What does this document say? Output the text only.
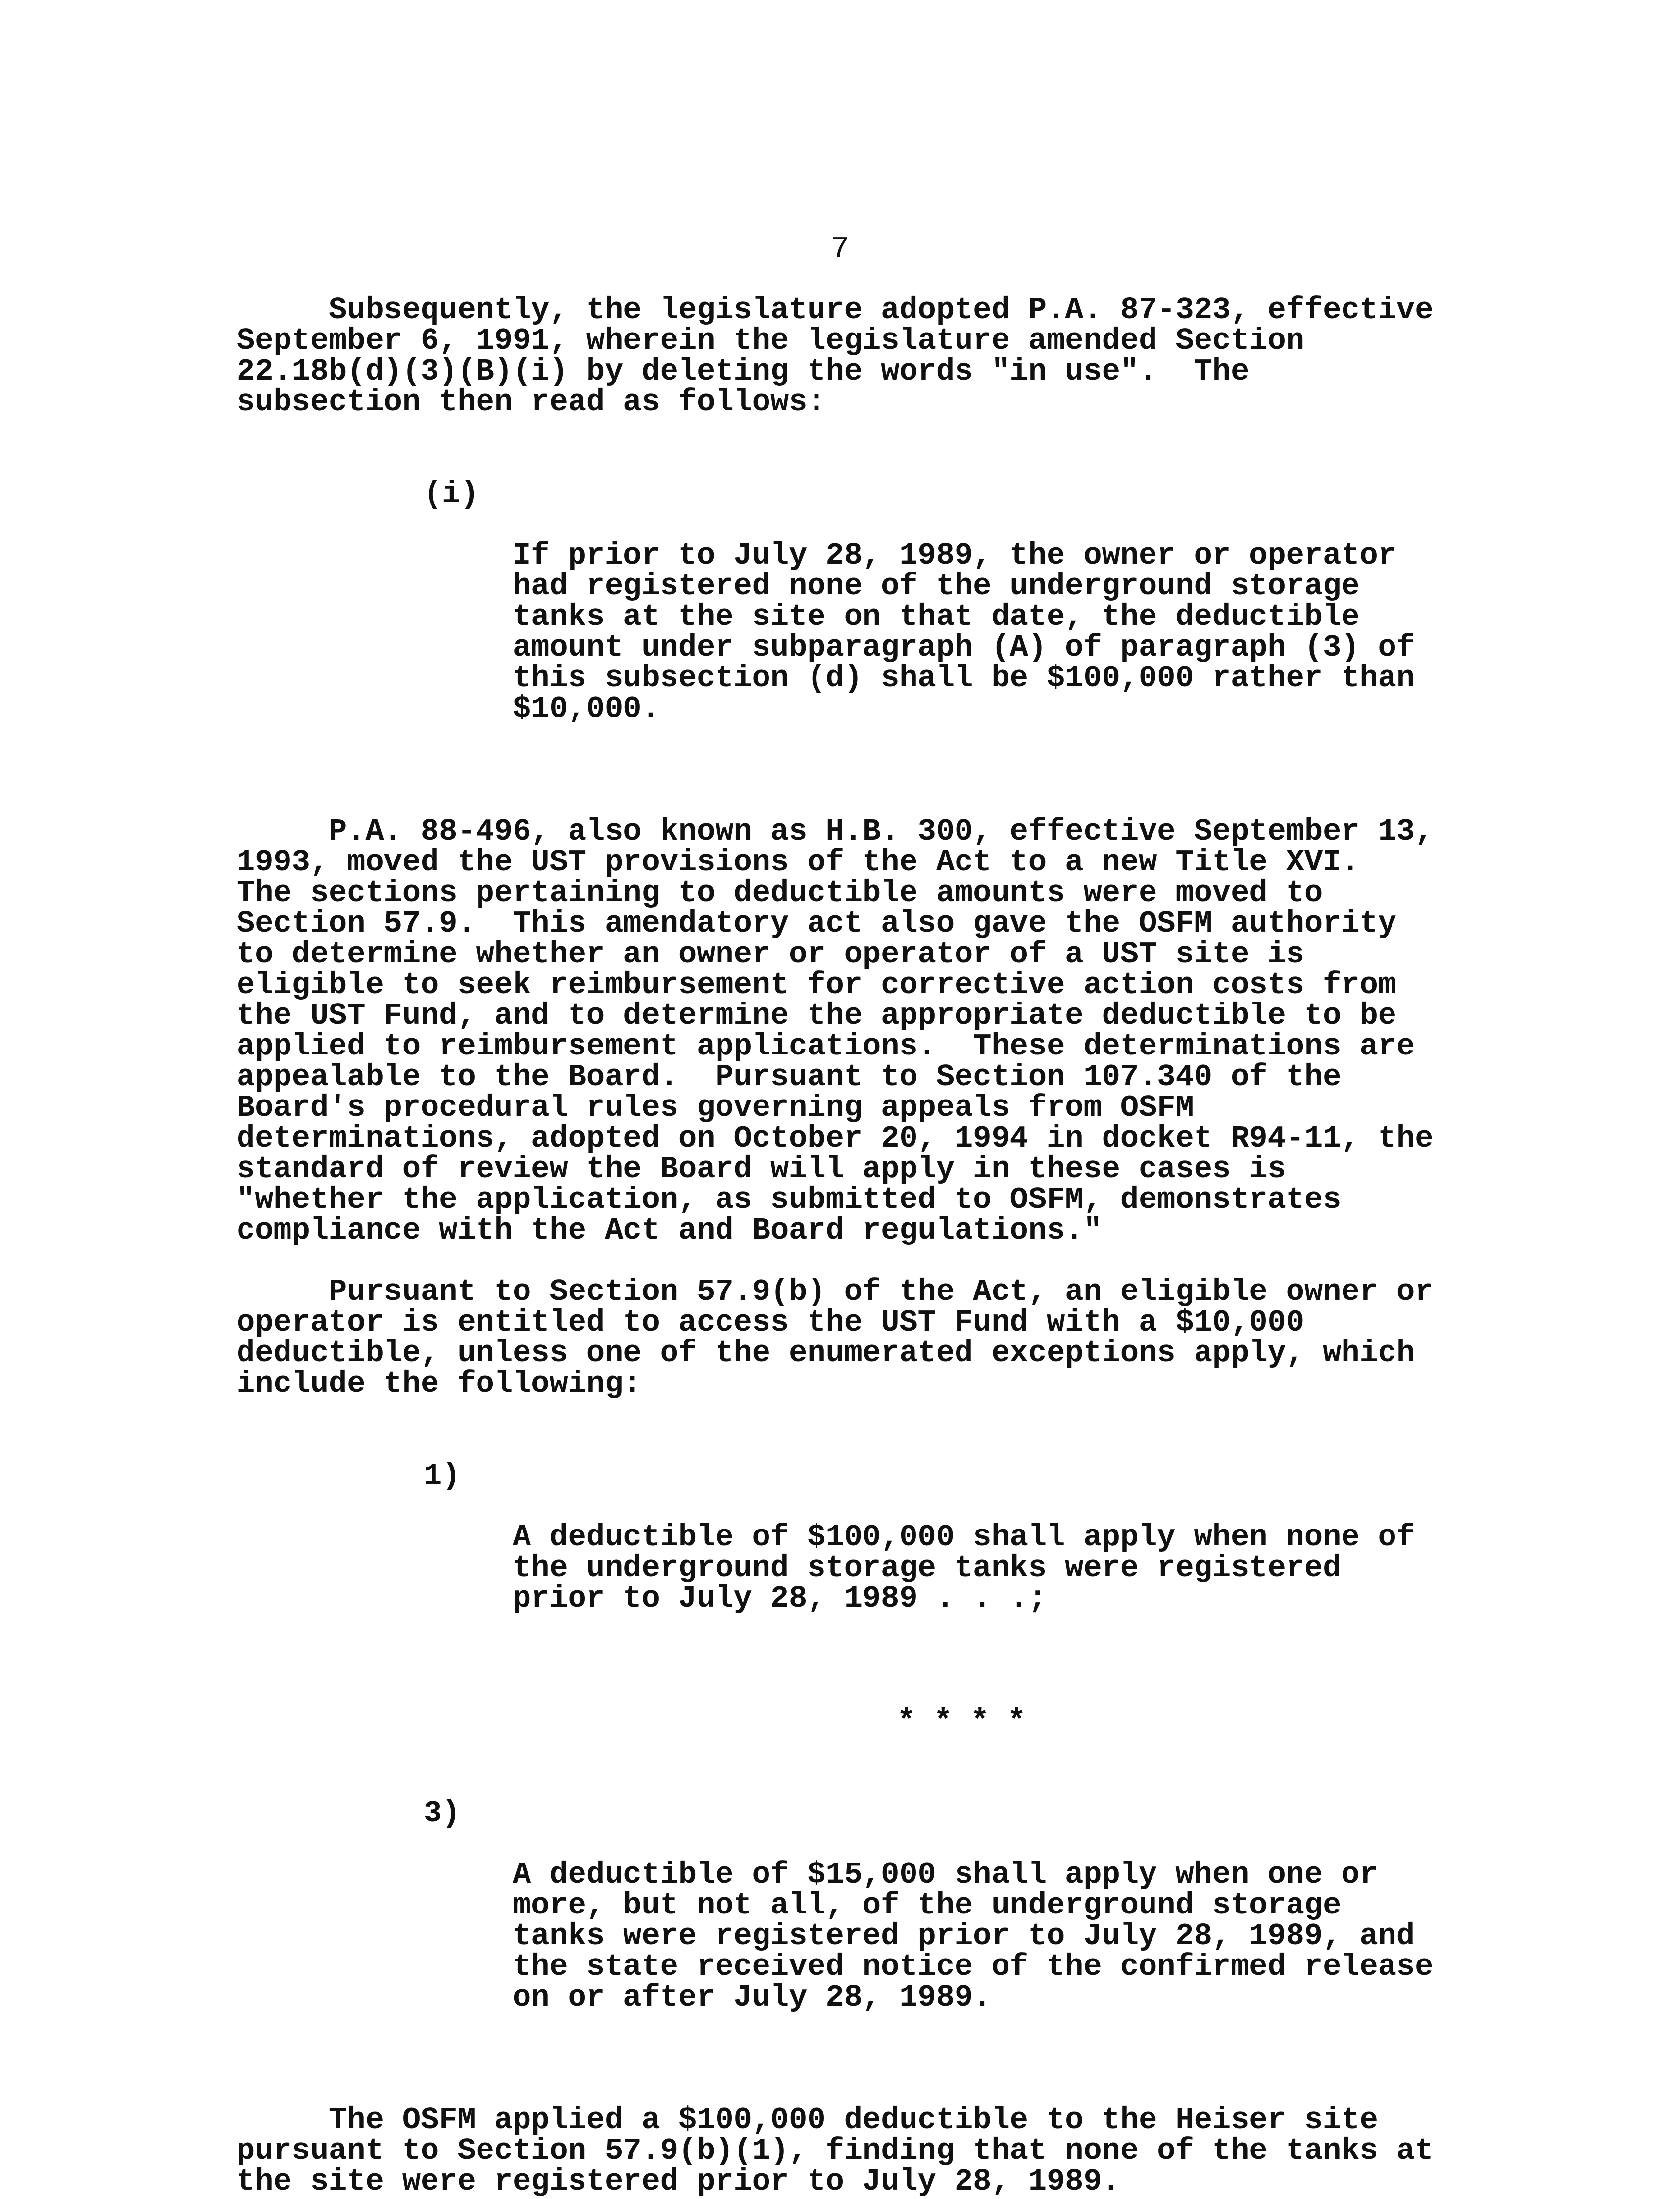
7

Subsequently, the legislature adopted P.A. 87-323, effective
September 6, 1991, wherein the legislature amended Section
22.18b(d)(3)(B)(i) by deleting the words "in use".  The
subsection then read as follows:

(i)

If prior to July 28, 1989, the owner or operator
had registered none of the underground storage
tanks at the site on that date, the deductible
amount under subparagraph (A) of paragraph (3) of
this subsection (d) shall be $100,000 rather than
$10,000.

P.A. 88-496, also known as H.B. 300, effective September 13,
1993, moved the UST provisions of the Act to a new Title XVI.
The sections pertaining to deductible amounts were moved to
Section 57.9.  This amendatory act also gave the OSFM authority
to determine whether an owner or operator of a UST site is
eligible to seek reimbursement for corrective action costs from
the UST Fund, and to determine the appropriate deductible to be
applied to reimbursement applications.  These determinations are
appealable to the Board.  Pursuant to Section 107.340 of the
Board's procedural rules governing appeals from OSFM
determinations, adopted on October 20, 1994 in docket R94-11, the
standard of review the Board will apply in these cases is
"whether the application, as submitted to OSFM, demonstrates
compliance with the Act and Board regulations."

Pursuant to Section 57.9(b) of the Act, an eligible owner or
operator is entitled to access the UST Fund with a $10,000
deductible, unless one of the enumerated exceptions apply, which
include the following:

1)

A deductible of $100,000 shall apply when none of
the underground storage tanks were registered
prior to July 28, 1989 . . .;

* * * *

3)

A deductible of $15,000 shall apply when one or
more, but not all, of the underground storage
tanks were registered prior to July 28, 1989, and
the state received notice of the confirmed release
on or after July 28, 1989.

The OSFM applied a $100,000 deductible to the Heiser site
pursuant to Section 57.9(b)(1), finding that none of the tanks at
the site were registered prior to July 28, 1989.
